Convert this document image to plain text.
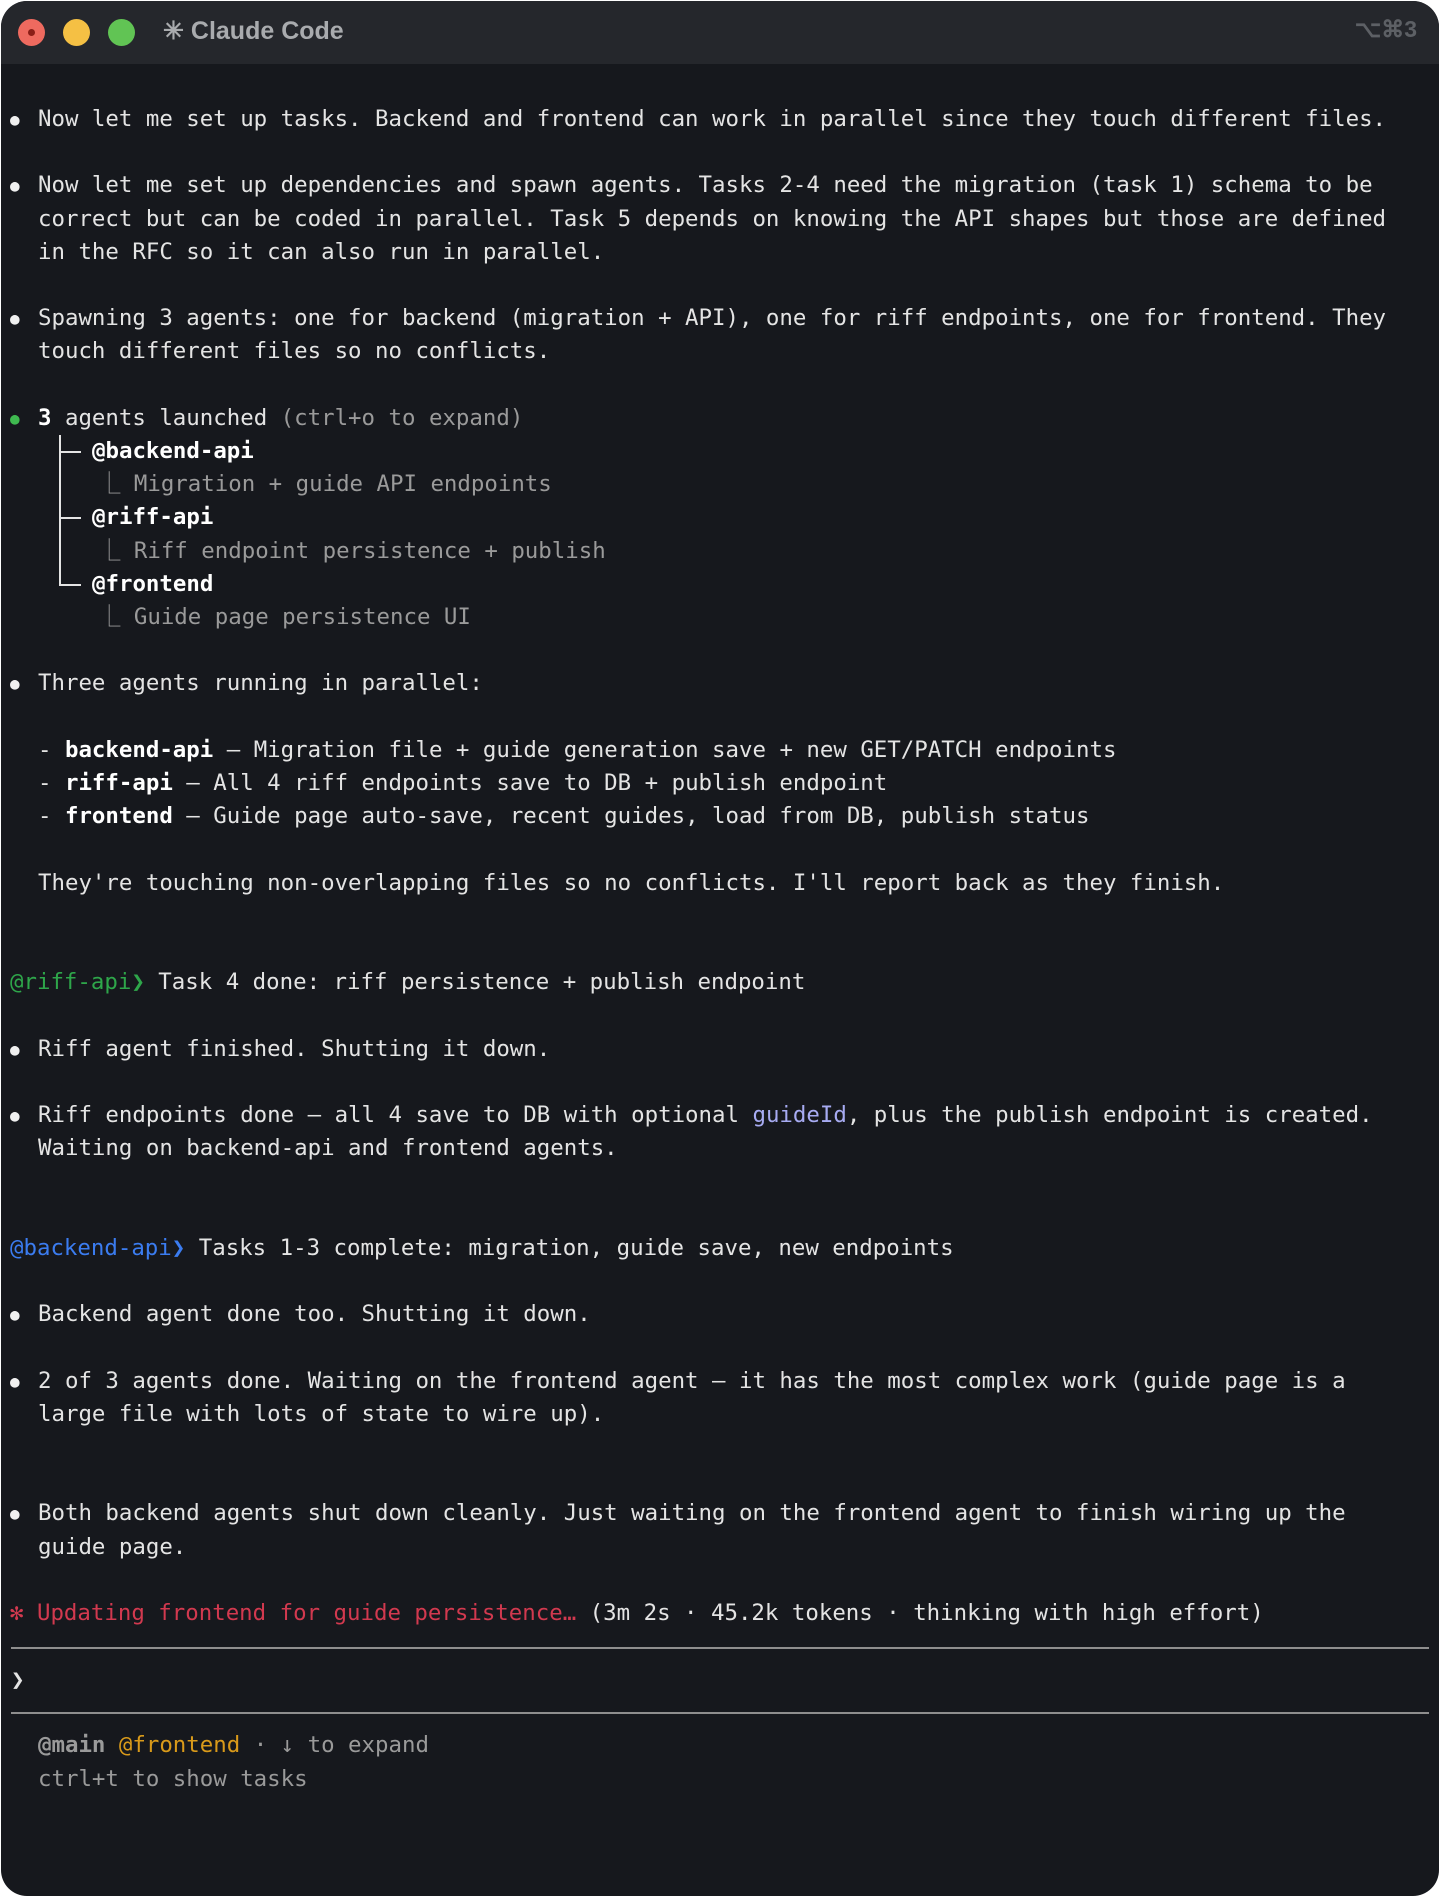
✳ Claude Code	⌥⌘3
● Now let me set up tasks. Backend and frontend can work in parallel since they touch different files.
● Now let me set up dependencies and spawn agents. Tasks 2-4 need the migration (task 1) schema to be
correct but can be coded in parallel. Task 5 depends on knowing the API shapes but those are defined
in the RFC so it can also run in parallel.
● Spawning 3 agents: one for backend (migration + API), one for riff endpoints, one for frontend. They
touch different files so no conflicts.
● 3 agents launched (ctrl+o to expand)
@backend-api
⎿ Migration + guide API endpoints
@riff-api
⎿ Riff endpoint persistence + publish
@frontend
⎿ Guide page persistence UI
● Three agents running in parallel:
- backend-api – Migration file + guide generation save + new GET/PATCH endpoints
- riff-api – All 4 riff endpoints save to DB + publish endpoint
- frontend – Guide page auto-save, recent guides, load from DB, publish status
They're touching non-overlapping files so no conflicts. I'll report back as they finish.
@riff-api❯ Task 4 done: riff persistence + publish endpoint
● Riff agent finished. Shutting it down.
● Riff endpoints done – all 4 save to DB with optional guideId, plus the publish endpoint is created.
Waiting on backend-api and frontend agents.
@backend-api❯ Tasks 1-3 complete: migration, guide save, new endpoints
● Backend agent done too. Shutting it down.
● 2 of 3 agents done. Waiting on the frontend agent – it has the most complex work (guide page is a
large file with lots of state to wire up).
● Both backend agents shut down cleanly. Just waiting on the frontend agent to finish wiring up the
guide page.
✻ Updating frontend for guide persistence… (3m 2s · 45.2k tokens · thinking with high effort)
❯
@main @frontend · ↓ to expand
ctrl+t to show tasks
